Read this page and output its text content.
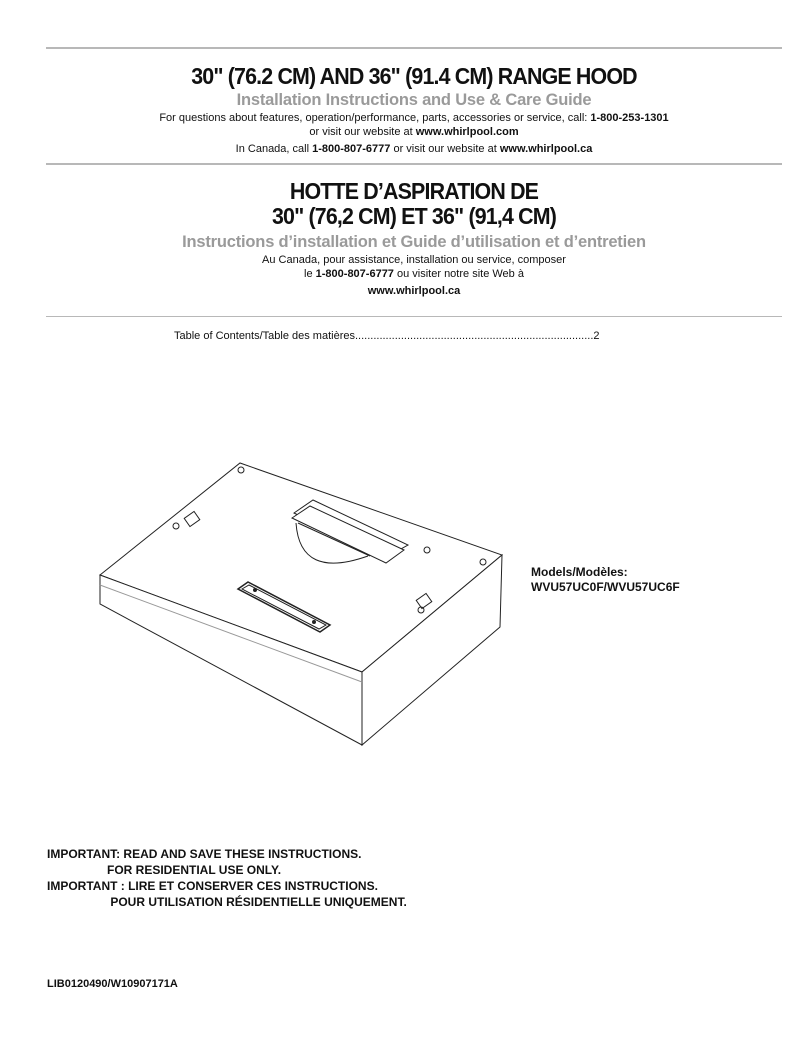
30" (76.2 CM) AND 36" (91.4 CM) RANGE HOOD
Installation Instructions and Use & Care Guide
For questions about features, operation/performance, parts, accessories or service, call: 1-800-253-1301
or visit our website at www.whirlpool.com
In Canada, call 1-800-807-6777 or visit our website at www.whirlpool.ca
HOTTE D’ASPIRATION DE
30" (76,2 CM) ET 36" (91,4 CM)
Instructions d’installation et Guide d’utilisation et d’entretien
Au Canada, pour assistance, installation ou service, composer
le 1-800-807-6777 ou visiter notre site Web à
www.whirlpool.ca
Table of Contents/Table des matières..............................................................................2
Models/Modèles:
WVU57UC0F/WVU57UC6F
IMPORTANT: READ AND SAVE THESE INSTRUCTIONS.
FOR RESIDENTIAL USE ONLY.
IMPORTANT : LIRE ET CONSERVER CES INSTRUCTIONS.
POUR UTILISATION RÉSIDENTIELLE UNIQUEMENT.
LIB0120490/W10907171A
